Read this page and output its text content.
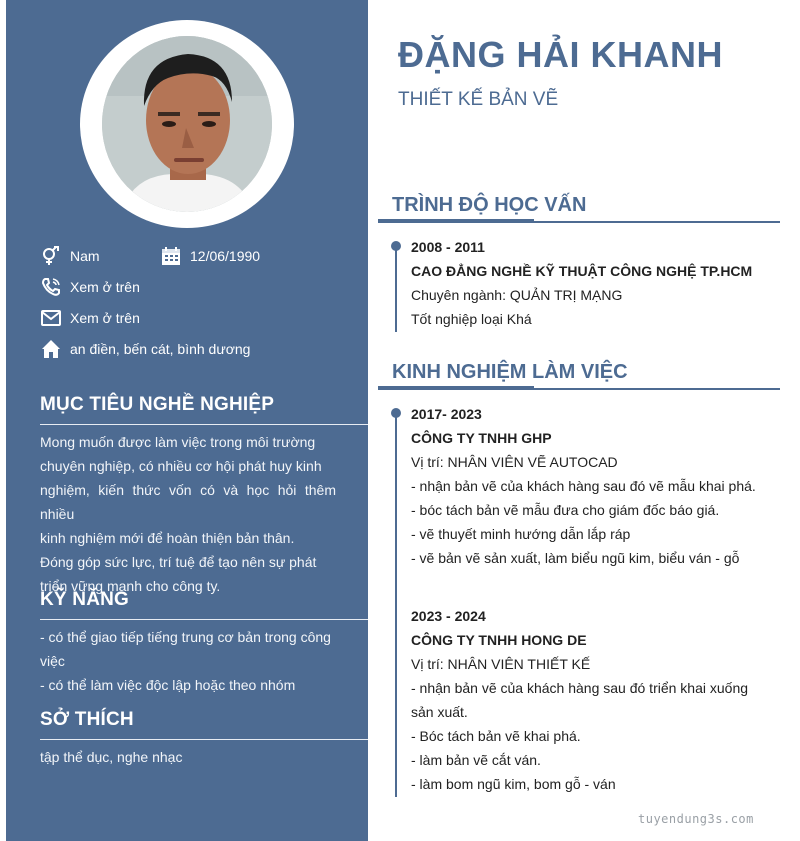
Nam	12/06/1990
Xem ở trên
Xem ở trên
an điền, bến cát, bình dương
MỤC TIÊU NGHỀ NGHIỆP
Mong muốn được làm việc trong môi trường
chuyên nghiệp, có nhiều cơ hội phát huy kinh
nghiệm, kiến thức vốn có và học hỏi thêm nhiều
kinh nghiệm mới để hoàn thiện bản thân.
Đóng góp sức lực, trí tuệ để tạo nên sự phát
triển vững mạnh cho công ty.
KỸ NĂNG
- có thể giao tiếp tiếng trung cơ bản trong công
việc
- có thể làm việc độc lập hoặc theo nhóm
SỞ THÍCH
tập thể dục, nghe nhạc
ĐẶNG HẢI KHANH
THIẾT KẾ BẢN VẼ
TRÌNH ĐỘ HỌC VẤN
2008 - 2011
CAO ĐẲNG NGHỀ KỸ THUẬT CÔNG NGHỆ TP.HCM
Chuyên ngành: QUẢN TRỊ MẠNG
Tốt nghiệp loại Khá
KINH NGHIỆM LÀM VIỆC
2017- 2023
CÔNG TY TNHH GHP
Vị trí: NHÂN VIÊN VẼ AUTOCAD
- nhận bản vẽ của khách hàng sau đó vẽ mẫu khai phá.
- bóc tách bản vẽ mẫu đưa cho giám đốc báo giá.
- vẽ thuyết minh hướng dẫn lắp ráp
- vẽ bản vẽ sản xuất, làm biểu ngũ kim, biểu ván - gỗ
2023 - 2024
CÔNG TY TNHH HONG DE
Vị trí: NHÂN VIÊN THIẾT KẾ
- nhận bản vẽ của khách hàng sau đó triển khai xuống
sản xuất.
- Bóc tách bản vẽ khai phá.
- làm bản vẽ cắt ván.
- làm bom ngũ kim, bom gỗ - ván
tuyendung3s.com
